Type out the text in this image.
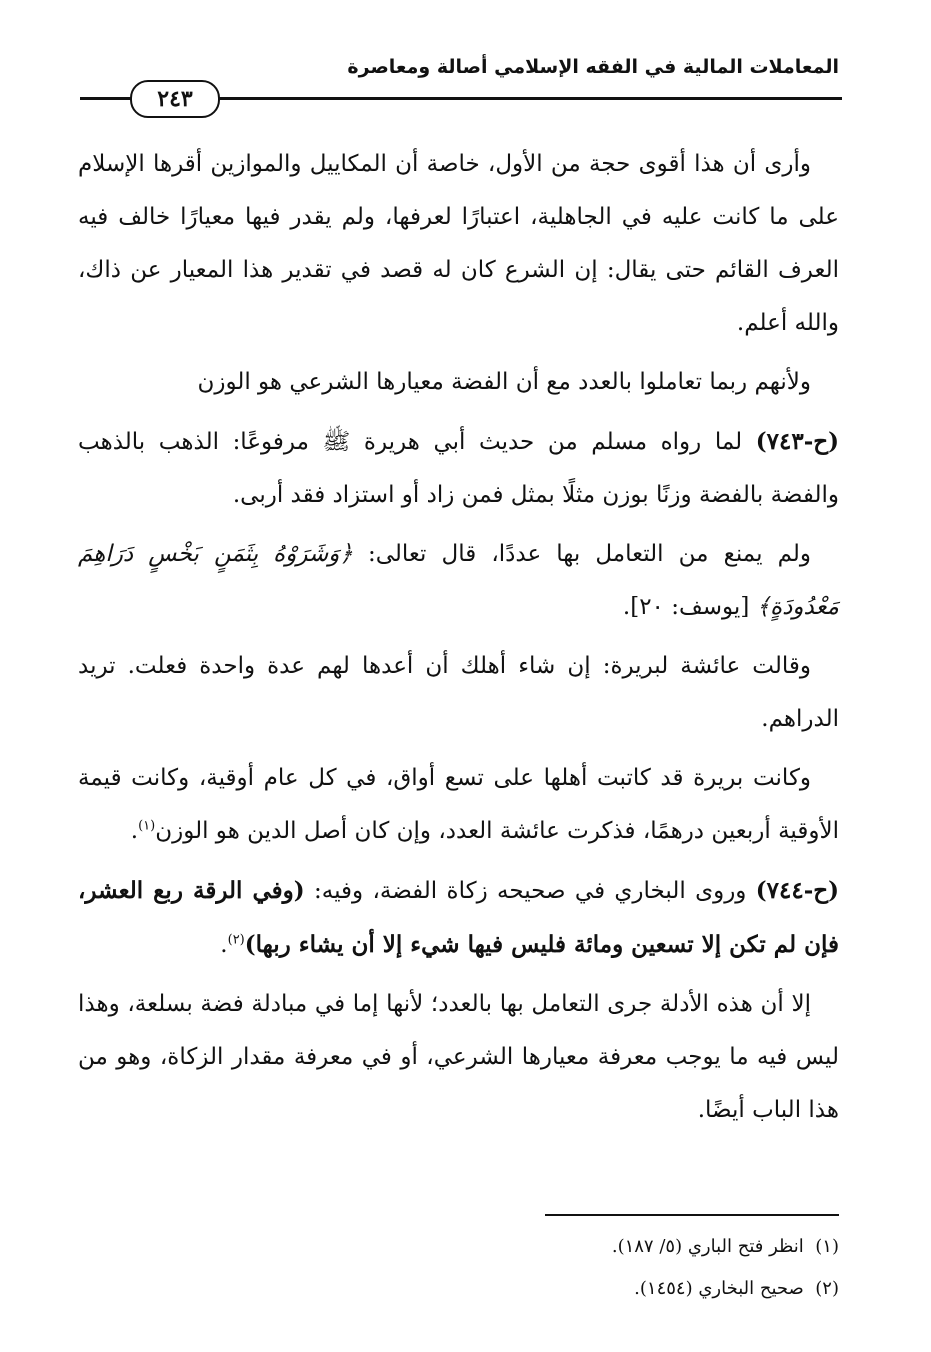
المعاملات المالية في الفقه الإسلامي أصالة ومعاصرة
٢٤٣

وأرى أن هذا أقوى حجة من الأول، خاصة أن المكاييل والموازين أقرها الإسلام على ما كانت عليه في الجاهلية، اعتبارًا لعرفها، ولم يقدر فيها معيارًا خالف فيه العرف القائم حتى يقال: إن الشرع كان له قصد في تقدير هذا المعيار عن ذاك، والله أعلم.

ولأنهم ربما تعاملوا بالعدد مع أن الفضة معيارها الشرعي هو الوزن

(ح-٧٤٣) لما رواه مسلم من حديث أبي هريرة ﷺ مرفوعًا: الذهب بالذهب والفضة بالفضة وزنًا بوزن مثلًا بمثل فمن زاد أو استزاد فقد أربى.

ولم يمنع من التعامل بها عددًا، قال تعالى: ﴿وَشَرَوْهُ بِثَمَنٍ بَخْسٍ دَرَاهِمَ مَعْدُودَةٍ﴾ [يوسف: ٢٠].

وقالت عائشة لبريرة: إن شاء أهلك أن أعدها لهم عدة واحدة فعلت. تريد الدراهم.

وكانت بريرة قد كاتبت أهلها على تسع أواق، في كل عام أوقية، وكانت قيمة الأوقية أربعين درهمًا، فذكرت عائشة العدد، وإن كان أصل الدين هو الوزن$^{(١)}$.

(ح-٧٤٤) وروى البخاري في صحيحه زكاة الفضة، وفيه: (وفي الرقة ربع العشر، فإن لم تكن إلا تسعين ومائة فليس فيها شيء إلا أن يشاء ربها)$^{(٢)}$.

إلا أن هذه الأدلة جرى التعامل بها بالعدد؛ لأنها إما في مبادلة فضة بسلعة، وهذا ليس فيه ما يوجب معرفة معيارها الشرعي، أو في معرفة مقدار الزكاة، وهو من هذا الباب أيضًا.

(١)  انظر فتح الباري (٥/ ١٨٧).
(٢)  صحيح البخاري (١٤٥٤).
